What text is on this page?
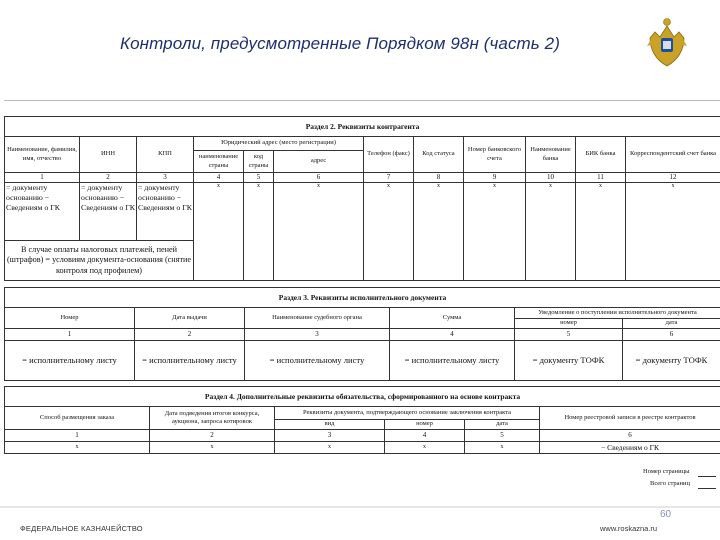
Контроли, предусмотренные Порядком 98н (часть 2)
Раздел 2. Реквизиты контрагента											
Наименование, фамилия, имя, отчество	ИНН	КПП	Юридический адрес (место регистрации)			Телефон (факс)	Код статуса	Номер банковского счета	Наименование банка	БИК банка	Корреспондентский счет банка
			наименование страны	код страны	адрес						
1	2	3	4	5	6	7	8	9	10	11	12
= документу основанию − Сведениям о ГК	= документу основанию − Сведениям о ГК	= документу основанию − Сведениям о ГК	x	x	x	x	x	x	x	x	x
В случае оплаты налоговых платежей, пеней (штрафов) = условиям документа-основания (снятие контроля под профилем)											
Раздел 3. Реквизиты исполнительного документа					
Номер	Дата выдачи	Наименование судебного органа	Сумма	Уведомление о поступлении исполнительного документа	
				номер	дата
1	2	3	4	5	6
= исполнительному листу	= исполнительному листу	= исполнительному листу	= исполнительному листу	= документу ТОФК	= документу ТОФК
Раздел 4. Дополнительные реквизиты обязательства, сформированного на основе контракта					
Способ размещения заказа	Дата подведения итогов конкурса, аукциона, запроса котировок	Реквизиты документа, подтверждающего основание заключения контракта			Номер реестровой записи в реестре контрактов
		вид	номер	дата	
1	2	3	4	5	6
x	x	x	x	x	− Сведениям о ГК
Номер страницы
Всего страниц
60
ФЕДЕРАЛЬНОЕ КАЗНАЧЕЙСТВО	www.roskazna.ru
